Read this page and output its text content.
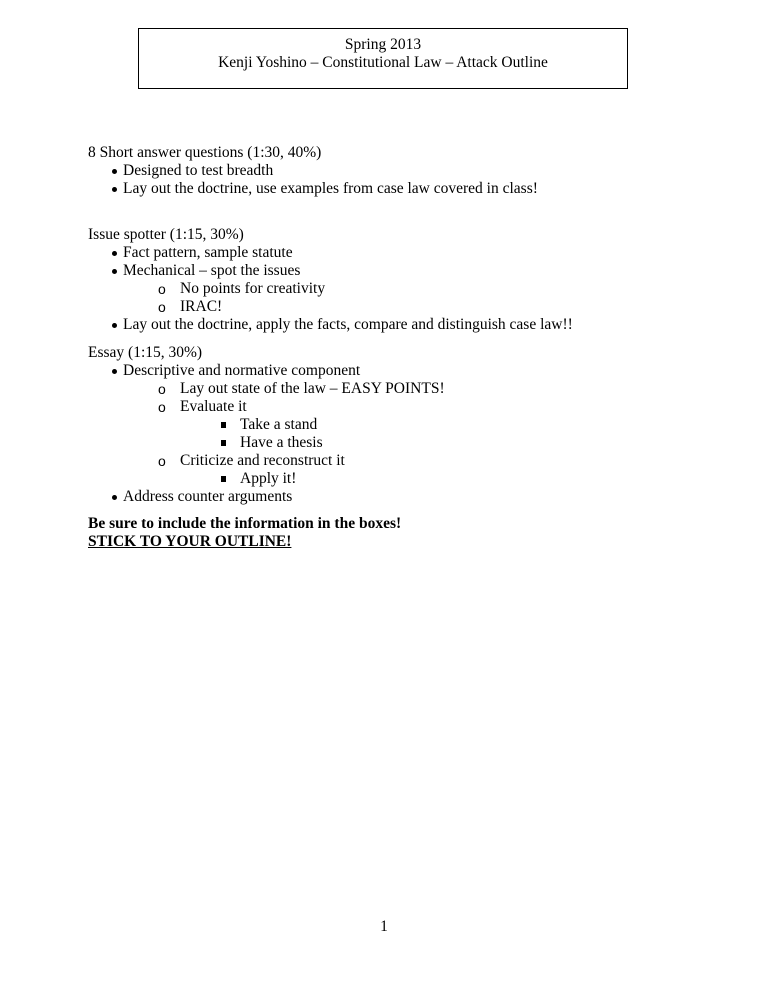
Spring 2013
Kenji Yoshino – Constitutional Law – Attack Outline
8 Short answer questions (1:30, 40%)
Designed to test breadth
Lay out the doctrine, use examples from case law covered in class!
Issue spotter (1:15, 30%)
Fact pattern, sample statute
Mechanical – spot the issues
o No points for creativity
o IRAC!
Lay out the doctrine, apply the facts, compare and distinguish case law!!
Essay (1:15, 30%)
Descriptive and normative component
o Lay out state of the law – EASY POINTS!
o Evaluate it
Take a stand
Have a thesis
o Criticize and reconstruct it
Apply it!
Address counter arguments
Be sure to include the information in the boxes!
STICK TO YOUR OUTLINE!
1
